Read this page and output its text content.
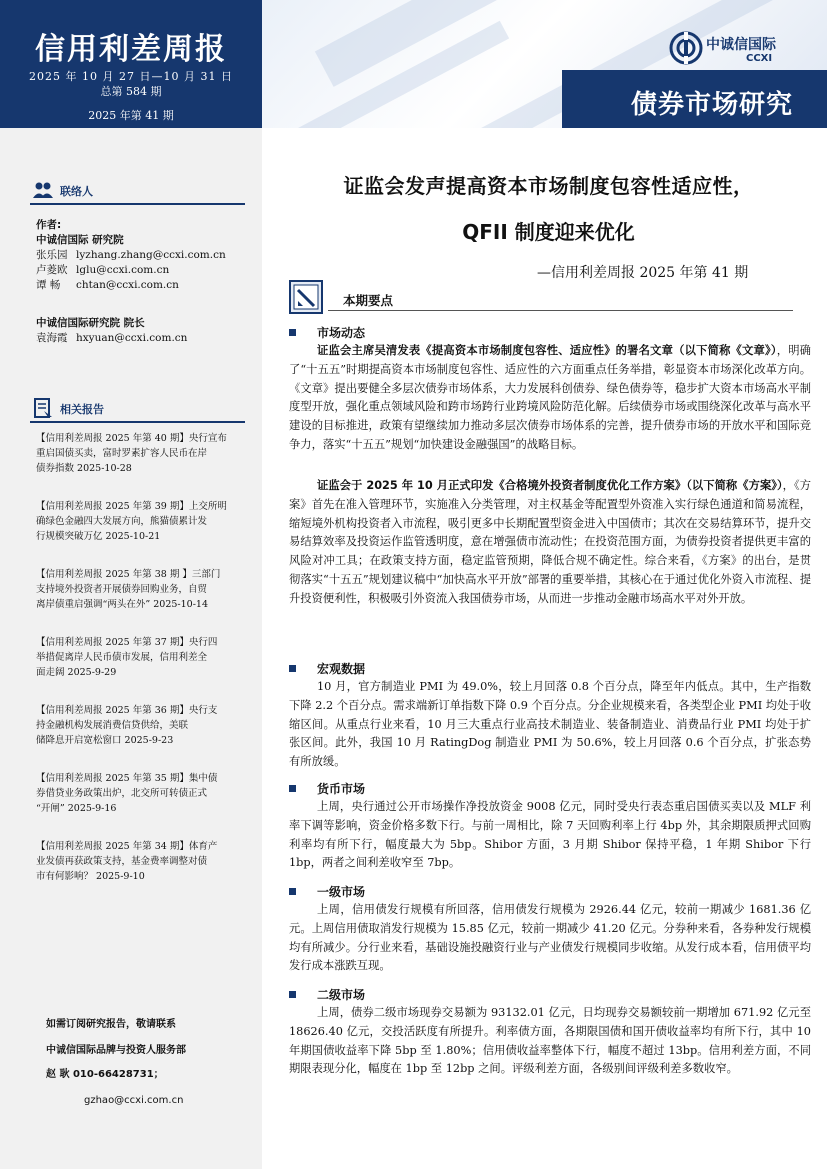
信用利差周报
2025 年 10 月 27 日—10 月 31 日
总第 584 期
2025 年第 41 期	债券市场研究
中诚信国际
CCXI
联络人
作者:
中诚信国际 研究院
张乐园 lyzhang.zhang@ccxi.com.cn
卢菱欧 lglu@ccxi.com.cn
谭 畅 chtan@ccxi.com.cn
中诚信国际研究院 院长
袁海霞 hxyuan@ccxi.com.cn
相关报告
【信用利差周报 2025 年第 40 期】央行宣布
重启国债买卖，富时罗素扩容人民币在岸
债券指数 2025-10-28
【信用利差周报 2025 年第 39 期】上交所明
确绿色金融四大发展方向，熊猫债累计发
行规模突破万亿 2025-10-21
【信用利差周报 2025 年第 38 期 】三部门
支持境外投资者开展债券回购业务，自贸
离岸债重启强调“两头在外” 2025-10-14
【信用利差周报 2025 年第 37 期】央行四
举措促离岸人民币债市发展，信用利差全
面走阔 2025-9-29
【信用利差周报 2025 年第 36 期】央行支
持金融机构发展消费信贷供给，美联
储降息开启宽松窗口 2025-9-23
【信用利差周报 2025 年第 35 期】集中债
券借贷业务政策出炉，北交所可转债正式
“开闸” 2025-9-16
【信用利差周报 2025 年第 34 期】体育产
业发债再获政策支持，基金费率调整对债
市有何影响？ 2025-9-10
如需订阅研究报告，敬请联系
中诚信国际品牌与投资人服务部
赵 耿 010-66428731；
gzhao@ccxi.com.cn
证监会发声提高资本市场制度包容性适应性，
QFII 制度迎来优化
—信用利差周报 2025 年第 41 期
本期要点
市场动态
证监会主席吴清发表《提高资本市场制度包容性、适应性》的署名文章（以下简称《文章》），明确了“十五五”时期提高资本市场制度包容性、适应性的六方面重点任务举措，彰显资本市场深化改革方向。《文章》提出要健全多层次债券市场体系，大力发展科创债券、绿色债券等，稳步扩大资本市场高水平制度型开放，强化重点领域风险和跨市场跨行业跨境风险防范化解。后续债券市场或围绕深化改革与高水平建设的目标推进，政策有望继续加力推动多层次债券市场体系的完善，提升债券市场的开放水平和国际竞争力，落实“十五五”规划“加快建设金融强国”的战略目标。
证监会于 2025 年 10 月正式印发《合格境外投资者制度优化工作方案》（以下简称《方案》），《方案》首先在准入管理环节，实施准入分类管理，对主权基金等配置型外资准入实行绿色通道和简易流程，缩短境外机构投资者入市流程，吸引更多中长期配置型资金进入中国债市；其次在交易结算环节，提升交易结算效率及投资运作监管透明度，意在增强债市流动性；在投资范围方面，为债券投资者提供更丰富的风险对冲工具；在政策支持方面，稳定监管预期，降低合规不确定性。综合来看，《方案》的出台，是贯彻落实“十五五”规划建议稿中“加快高水平开放”部署的重要举措，其核心在于通过优化外资入市流程、提升投资便利性，积极吸引外资流入我国债券市场，从而进一步推动金融市场高水平对外开放。
宏观数据
10 月，官方制造业 PMI 为 49.0%，较上月回落 0.8 个百分点，降至年内低点。其中，生产指数下降 2.2 个百分点。需求端新订单指数下降 0.9 个百分点。分企业规模来看，各类型企业 PMI 均处于收缩区间。从重点行业来看，10 月三大重点行业高技术制造业、装备制造业、消费品行业 PMI 均处于扩张区间。此外，我国 10 月 RatingDog 制造业 PMI 为 50.6%，较上月回落 0.6 个百分点，扩张态势有所放缓。
货币市场
上周，央行通过公开市场操作净投放资金 9008 亿元，同时受央行表态重启国债买卖以及 MLF 利率下调等影响，资金价格多数下行。与前一周相比，除 7 天回购利率上行 4bp 外，其余期限质押式回购利率均有所下行，幅度最大为 5bp。Shibor 方面，3 月期 Shibor 保持平稳，1 年期 Shibor 下行 1bp，两者之间利差收窄至 7bp。
一级市场
上周，信用债发行规模有所回落，信用债发行规模为 2926.44 亿元，较前一期减少 1681.36 亿元。上周信用债取消发行规模为 15.85 亿元，较前一期减少 41.20 亿元。分券种来看，各券种发行规模均有所减少。分行业来看，基础设施投融资行业与产业债发行规模同步收缩。从发行成本看，信用债平均发行成本涨跌互现。
二级市场
上周，债券二级市场现券交易额为 93132.01 亿元，日均现券交易额较前一期增加 671.92 亿元至 18626.40 亿元，交投活跃度有所提升。利率债方面，各期限国债和国开债收益率均有所下行，其中 10 年期国债收益率下降 5bp 至 1.80%；信用债收益率整体下行，幅度不超过 13bp。信用利差方面，不同期限表现分化，幅度在 1bp 至 12bp 之间。评级利差方面，各级别间评级利差多数收窄。
